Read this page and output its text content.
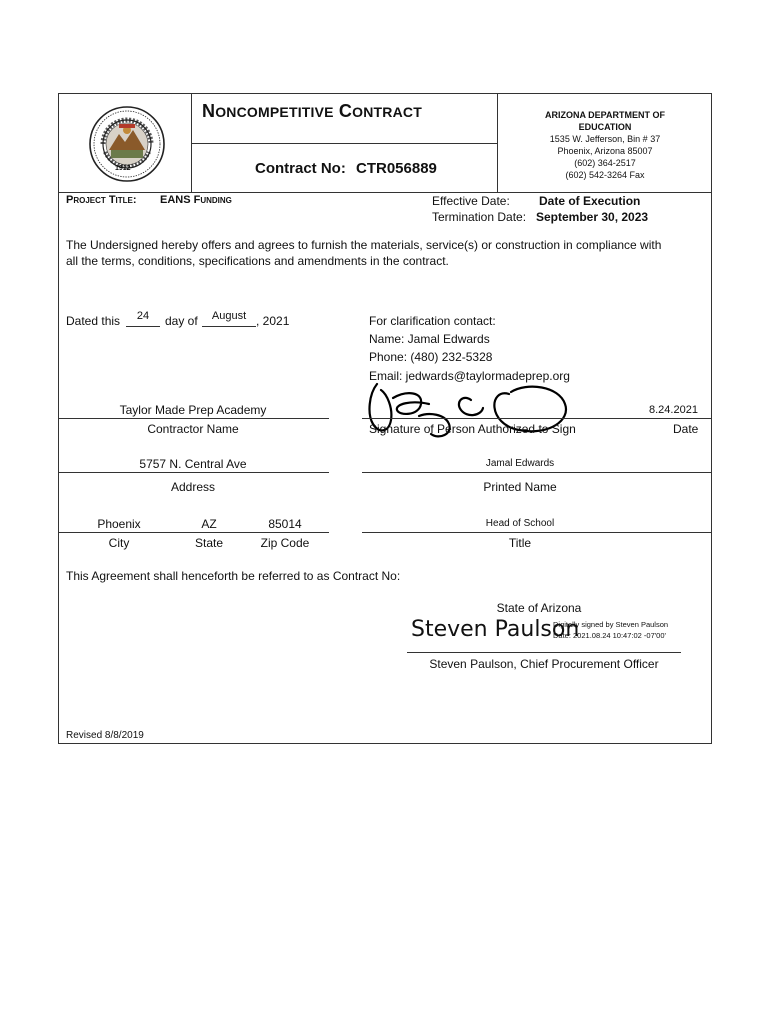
1912
NONCOMPETITIVE CONTRACT
Contract No: CTR056889
ARIZONA DEPARTMENT OF
EDUCATION
1535 W. Jefferson, Bin # 37
Phoenix, Arizona 85007
(602) 364-2517
(602) 542-3264 Fax
Project Title: EANS Funding	Effective Date: Date of Execution
Termination Date: September 30, 2023
The Undersigned hereby offers and agrees to furnish the materials, service(s) or construction in compliance with
all the terms, conditions, specifications and amendments in the contract.
Dated this	24	day of	August , 2021	For clarification contact:
Name: Jamal Edwards
Phone: (480) 232-5328
Email: jedwards@taylormadeprep.org
Taylor Made Prep Academy
Contractor Name
8.24.2021
Signature of Person Authorized to Sign	Date
5757 N. Central Ave
Address
Jamal Edwards
Printed Name
Phoenix	AZ	85014
City	State	Zip Code
Head of School
Title
This Agreement shall henceforth be referred to as Contract No:
State of Arizona
Steven Paulson
Digitally signed by Steven Paulson
Date: 2021.08.24 10:47:02 -07'00'
Steven Paulson, Chief Procurement Officer
Revised 8/8/2019
